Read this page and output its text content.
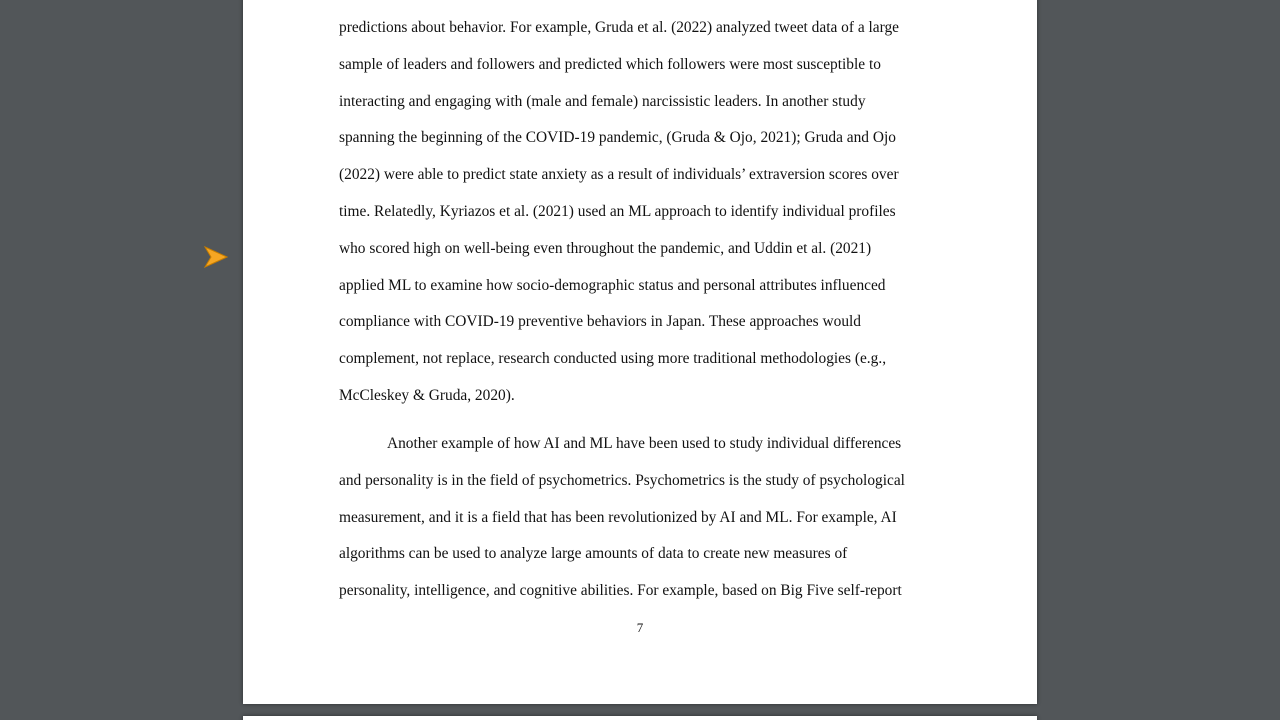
predictions about behavior. For example, Gruda et al. (2022) analyzed tweet data of a large
sample of leaders and followers and predicted which followers were most susceptible to
interacting and engaging with (male and female) narcissistic leaders. In another study
spanning the beginning of the COVID-19 pandemic, (Gruda & Ojo, 2021); Gruda and Ojo
(2022) were able to predict state anxiety as a result of individuals’ extraversion scores over
time. Relatedly, Kyriazos et al. (2021) used an ML approach to identify individual profiles
who scored high on well-being even throughout the pandemic, and Uddin et al. (2021)
applied ML to examine how socio-demographic status and personal attributes influenced
compliance with COVID-19 preventive behaviors in Japan. These approaches would
complement, not replace, research conducted using more traditional methodologies (e.g.,
McCleskey & Gruda, 2020).
Another example of how AI and ML have been used to study individual differences
and personality is in the field of psychometrics. Psychometrics is the study of psychological
measurement, and it is a field that has been revolutionized by AI and ML. For example, AI
algorithms can be used to analyze large amounts of data to create new measures of
personality, intelligence, and cognitive abilities. For example, based on Big Five self-report
7
